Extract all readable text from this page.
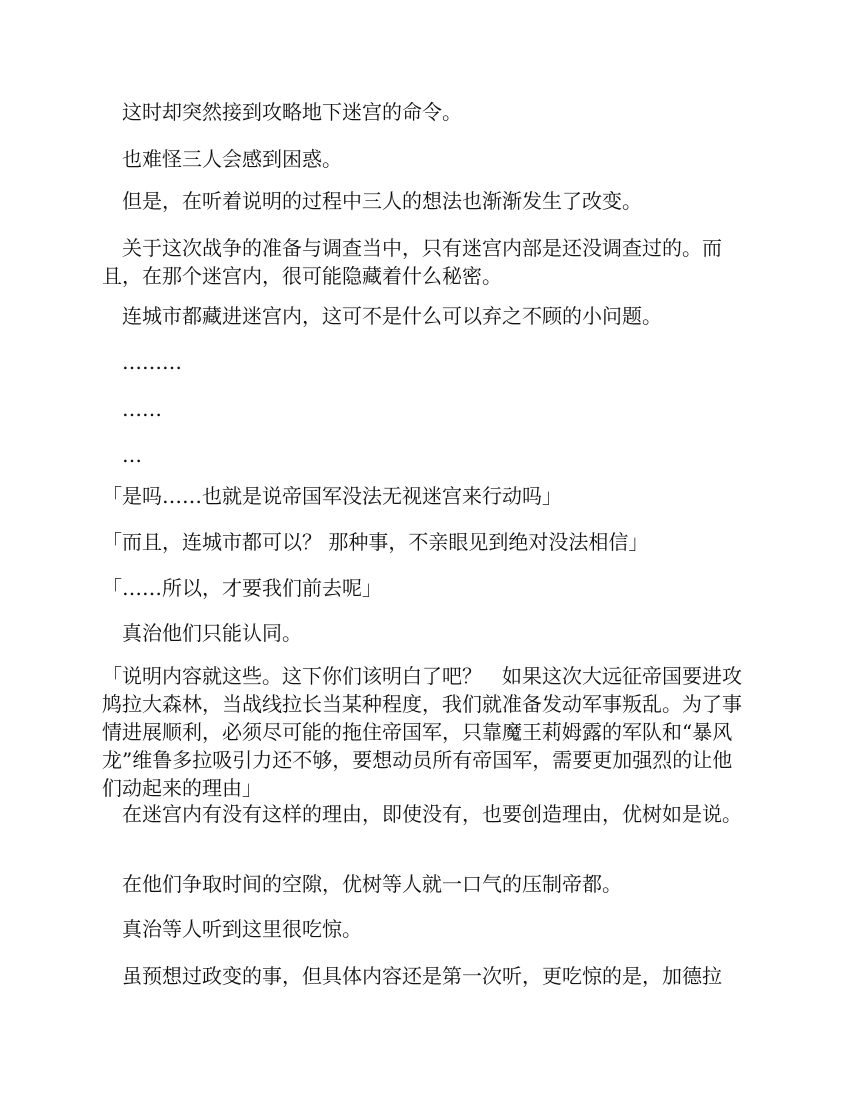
这时却突然接到攻略地下迷宫的命令。

也难怪三人会感到困惑。

但是，在听着说明的过程中三人的想法也渐渐发生了改变。

关于这次战争的准备与调查当中，只有迷宫内部是还没调查过的。而且，在那个迷宫内，很可能隐藏着什么秘密。

连城市都藏进迷宫内，这可不是什么可以弃之不顾的小问题。

………

……

…

「是吗……也就是说帝国军没法无视迷宫来行动吗」

「而且，连城市都可以？ 那种事，不亲眼见到绝对没法相信」

「……所以，才要我们前去呢」

真治他们只能认同。

「说明内容就这些。这下你们该明白了吧？　如果这次大远征帝国要进攻鸠拉大森林，当战线拉长当某种程度，我们就准备发动军事叛乱。为了事情进展顺利，必须尽可能的拖住帝国军，只靠魔王莉姆露的军队和“暴风龙”维鲁多拉吸引力还不够，要想动员所有帝国军，需要更加强烈的让他们动起来的理由」

在迷宫内有没有这样的理由，即使没有，也要创造理由，优树如是说。

在他们争取时间的空隙，优树等人就一口气的压制帝都。

真治等人听到这里很吃惊。

虽预想过政变的事，但具体内容还是第一次听，更吃惊的是，加德拉
